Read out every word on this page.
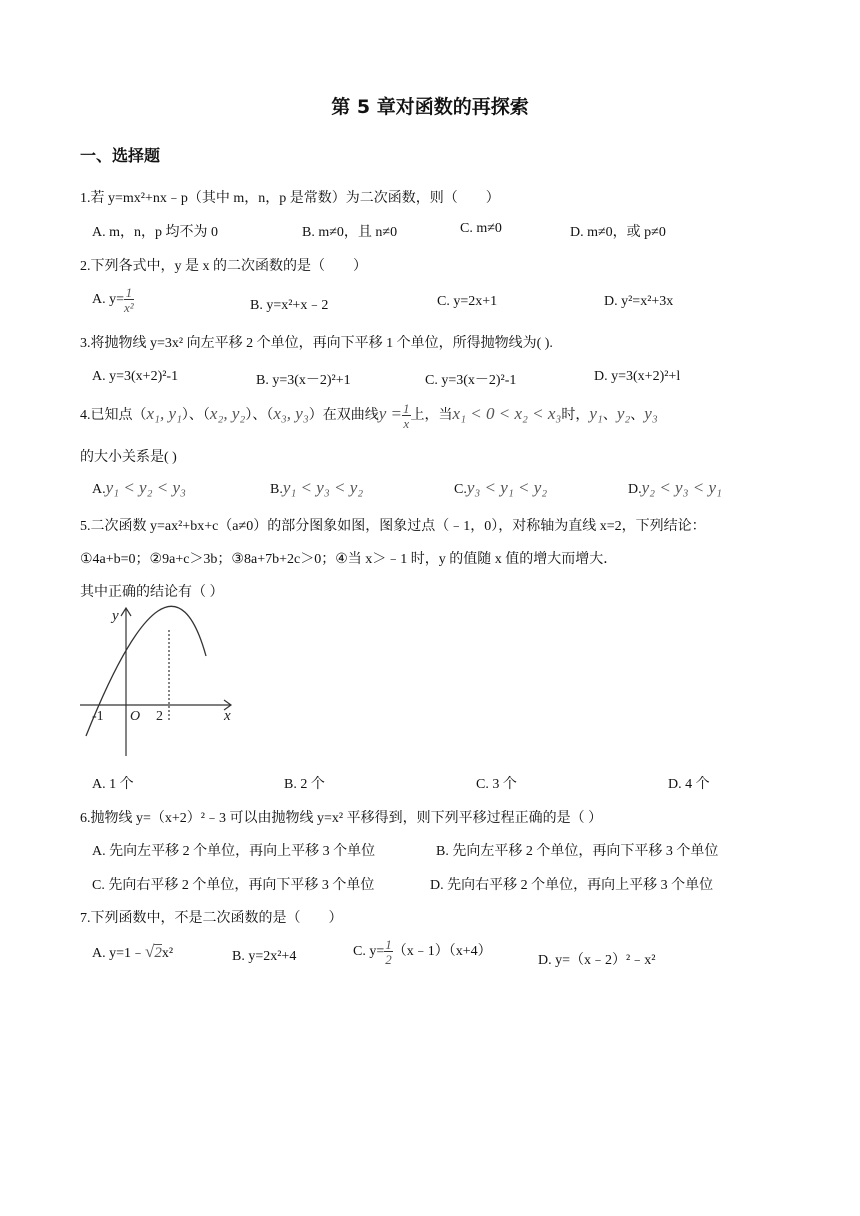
第 5 章对函数的再探索
一、选择题
1.若 y=mx²+nx﹣p（其中 m，n，p 是常数）为二次函数，则（　　）
A. m，n，p 均不为 0	B. m≠0，且 n≠0	C. m≠0	D. m≠0，或 p≠0
2.下列各式中，y 是 x 的二次函数的是（　　）
A. $y= \frac{1}{\text{x²}}$	B. y=x²+x﹣2	C. y=2x+1	D. y²=x²+3x
3.将抛物线 y=3x² 向左平移 2 个单位，再向下平移 1 个单位，所得抛物线为( ).
A. y=3(x+2)²-1	B. y=3(x－2)²+1	C. y=3(x－2)²-1	D. y=3(x+2)²+l
4.已知点（x₁, y₁）、（x₂, y₂）、（x₃, y₃）在双曲线$y = \frac{1}{x}$ 上，当x₁ < 0 < x₂ < x₃时，y₁、y₂、y₃
的大小关系是( )
A.y₁ < y₂ < y₃	B.y₁ < y₃ < y₂	C.y₃ < y₁ < y₂	D.y₂ < y₃ < y₁
5.二次函数 y=ax²+bx+c（a≠0）的部分图象如图，图象过点（﹣1，0），对称轴为直线 x=2，下列结论：
①4a+b=0；②9a+c＞3b；③8a+7b+2c＞0；④当 x＞﹣1 时，y 的值随 x 值的增大而增大．
其中正确的结论有（ ）
y
x
O
-1	2
A. 1 个	B. 2 个	C. 3 个	D. 4 个
6.抛物线 y=（x+2）²﹣3 可以由抛物线 y=x² 平移得到，则下列平移过程正确的是（ ）
A. 先向左平移 2 个单位，再向上平移 3 个单位	B. 先向左平移 2 个单位，再向下平移 3 个单位
C. 先向右平移 2 个单位，再向下平移 3 个单位	D. 先向右平移 2 个单位，再向上平移 3 个单位
7.下列函数中，不是二次函数的是（　　）
A. y=1﹣√2x²	B. y=2x²+4	C. $y= \frac{1}{2}$ （x﹣1）（x+4）
D. y=（x﹣2）²﹣x²
